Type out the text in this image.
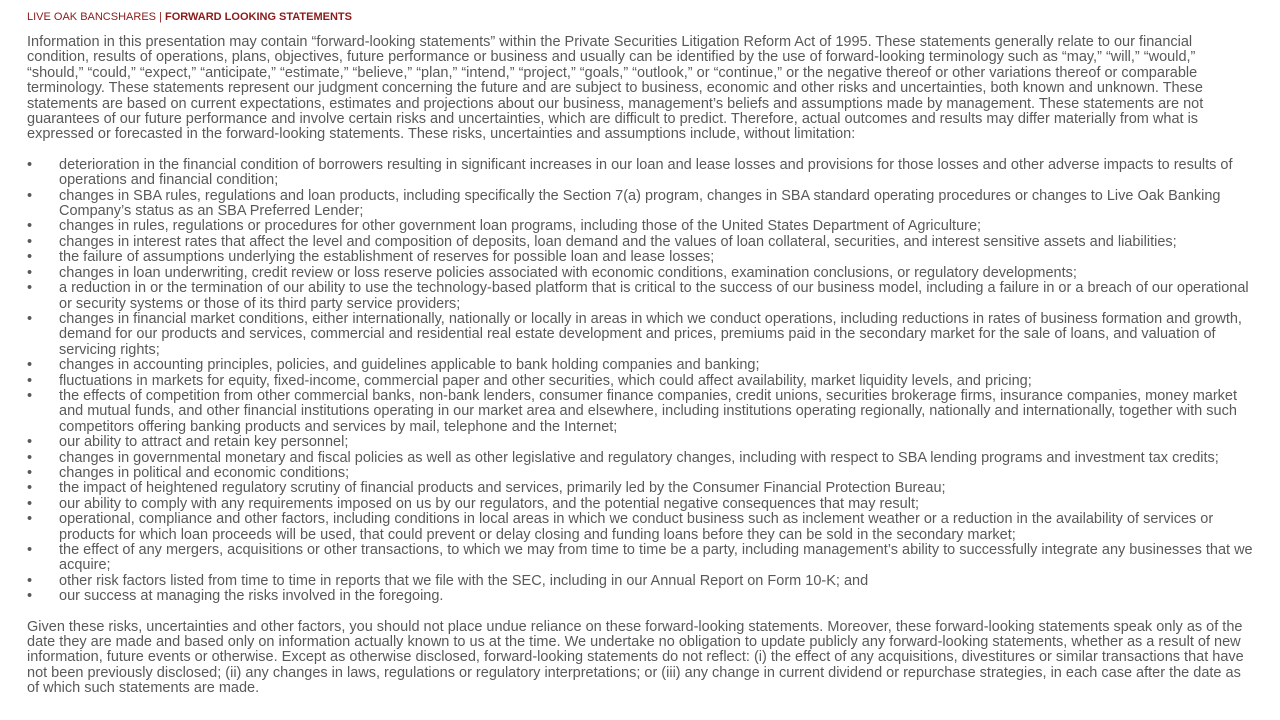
LIVE OAK BANCSHARES | FORWARD LOOKING STATEMENTS

Information in this presentation may contain “forward-looking statements” within the Private Securities Litigation Reform Act of 1995. These statements generally relate to our financial condition, results of operations, plans, objectives, future performance or business and usually can be identified by the use of forward-looking terminology such as “may,” “will,” “would,” “should,” “could,” “expect,” “anticipate,” “estimate,” “believe,” “plan,” “intend,” “project,” “goals,” “outlook,” or “continue,” or the negative thereof or other variations thereof or comparable terminology. These statements represent our judgment concerning the future and are subject to business, economic and other risks and uncertainties, both known and unknown. These statements are based on current expectations, estimates and projections about our business, management’s beliefs and assumptions made by management. These statements are not guarantees of our future performance and involve certain risks and uncertainties, which are difficult to predict. Therefore, actual outcomes and results may differ materially from what is expressed or forecasted in the forward-looking statements. These risks, uncertainties and assumptions include, without limitation:

• deterioration in the financial condition of borrowers resulting in significant increases in our loan and lease losses and provisions for those losses and other adverse impacts to results of operations and financial condition;
• changes in SBA rules, regulations and loan products, including specifically the Section 7(a) program, changes in SBA standard operating procedures or changes to Live Oak Banking Company’s status as an SBA Preferred Lender;
• changes in rules, regulations or procedures for other government loan programs, including those of the United States Department of Agriculture;
• changes in interest rates that affect the level and composition of deposits, loan demand and the values of loan collateral, securities, and interest sensitive assets and liabilities;
• the failure of assumptions underlying the establishment of reserves for possible loan and lease losses;
• changes in loan underwriting, credit review or loss reserve policies associated with economic conditions, examination conclusions, or regulatory developments;
• a reduction in or the termination of our ability to use the technology-based platform that is critical to the success of our business model, including a failure in or a breach of our operational or security systems or those of its third party service providers;
• changes in financial market conditions, either internationally, nationally or locally in areas in which we conduct operations, including reductions in rates of business formation and growth, demand for our products and services, commercial and residential real estate development and prices, premiums paid in the secondary market for the sale of loans, and valuation of servicing rights;
• changes in accounting principles, policies, and guidelines applicable to bank holding companies and banking;
• fluctuations in markets for equity, fixed-income, commercial paper and other securities, which could affect availability, market liquidity levels, and pricing;
• the effects of competition from other commercial banks, non-bank lenders, consumer finance companies, credit unions, securities brokerage firms, insurance companies, money market and mutual funds, and other financial institutions operating in our market area and elsewhere, including institutions operating regionally, nationally and internationally, together with such competitors offering banking products and services by mail, telephone and the Internet;
• our ability to attract and retain key personnel;
• changes in governmental monetary and fiscal policies as well as other legislative and regulatory changes, including with respect to SBA lending programs and investment tax credits;
• changes in political and economic conditions;
• the impact of heightened regulatory scrutiny of financial products and services, primarily led by the Consumer Financial Protection Bureau;
• our ability to comply with any requirements imposed on us by our regulators, and the potential negative consequences that may result;
• operational, compliance and other factors, including conditions in local areas in which we conduct business such as inclement weather or a reduction in the availability of services or products for which loan proceeds will be used, that could prevent or delay closing and funding loans before they can be sold in the secondary market;
• the effect of any mergers, acquisitions or other transactions, to which we may from time to time be a party, including management’s ability to successfully integrate any businesses that we acquire;
• other risk factors listed from time to time in reports that we file with the SEC, including in our Annual Report on Form 10-K; and
• our success at managing the risks involved in the foregoing.

Given these risks, uncertainties and other factors, you should not place undue reliance on these forward-looking statements. Moreover, these forward-looking statements speak only as of the date they are made and based only on information actually known to us at the time. We undertake no obligation to update publicly any forward-looking statements, whether as a result of new information, future events or otherwise. Except as otherwise disclosed, forward-looking statements do not reflect: (i) the effect of any acquisitions, divestitures or similar transactions that have not been previously disclosed; (ii) any changes in laws, regulations or regulatory interpretations; or (iii) any change in current dividend or repurchase strategies, in each case after the date as of which such statements are made.
